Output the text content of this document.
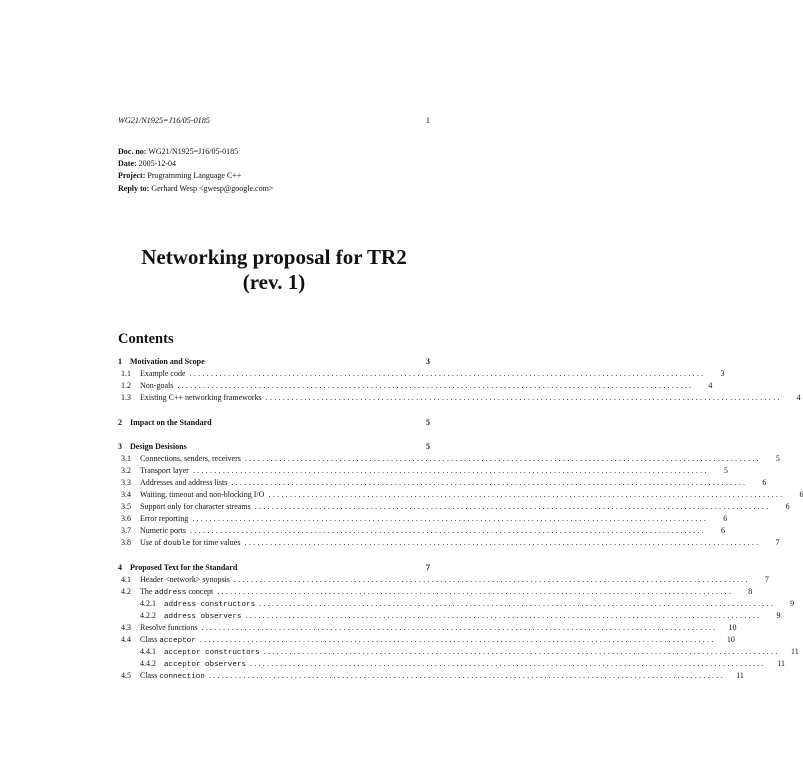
WG21/N1925=J16/05-0185	1
Doc. no: WG21/N1925=J16/05-0185
Date: 2005-12-04
Project: Programming Language C++
Reply to: Gerhard Wesp <gwesp@google.com>
Networking proposal for TR2
(rev. 1)
Contents
1	Motivation and Scope	3
1.1	Example code ........................................................................................................................	3
1.2	Non-goals ........................................................................................................................	4
1.3	Existing C++ networking frameworks ........................................................................................................................	4
2	Impact on the Standard	5
3	Design Desisions	5
3.1	Connections, senders, receivers ........................................................................................................................	5
3.2	Transport layer ........................................................................................................................	5
3.3	Addresses and address lists ........................................................................................................................	6
3.4	Waiting, timeout and non-blocking I/O ........................................................................................................................	6
3.5	Support only for character streams ........................................................................................................................	6
3.6	Error reporting ........................................................................................................................	6
3.7	Numeric ports ........................................................................................................................	6
3.8	Use of double for time values ........................................................................................................................	7
4	Proposed Text for the Standard	7
4.1	Header <network> synopsis ........................................................................................................................	7
4.2	The address concept ........................................................................................................................	8
4.2.1	address constructors ........................................................................................................................	9
4.2.2	address observers ........................................................................................................................	9
4.3	Resolve functions ........................................................................................................................	10
4.4	Class acceptor ........................................................................................................................	10
4.4.1	acceptor constructors ........................................................................................................................	11
4.4.2	acceptor observers ........................................................................................................................	11
4.5	Class connection ........................................................................................................................	11
